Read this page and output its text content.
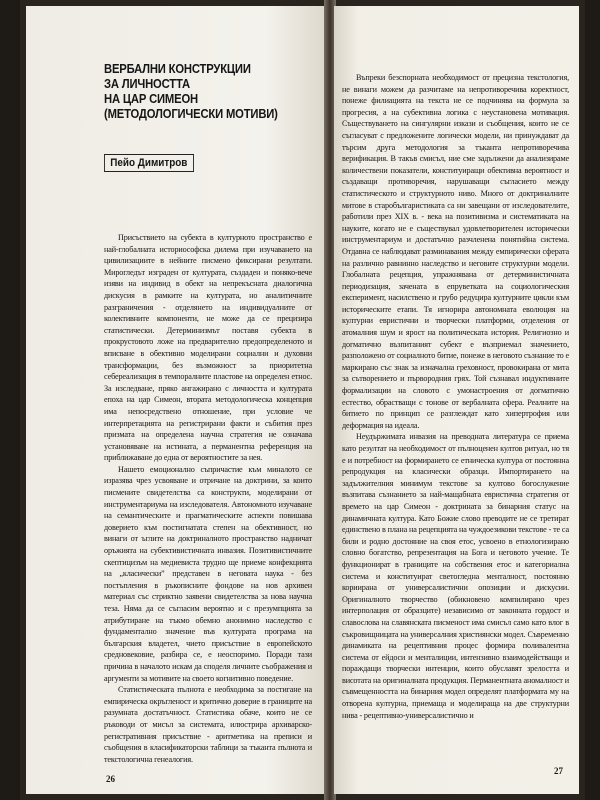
ВЕРБАЛНИ КОНСТРУКЦИИ
ЗА ЛИЧНОСТТА
НА ЦАР СИМЕОН
(МЕТОДОЛОГИЧЕСКИ МОТИВИ)
Пейо Димитров

Присъствието на субекта в културното пространство е най-глобалната историософска дилема при изучаването на цивилизациите в нейните писмено фиксирани резултати. Мирогледът изграден от културата, създаден и поняко-вече изяви на индивид в обект на непрекъсната диалогична дискусия в рамките на културата, но аналитичните разграничения - отделянето на индивидуалните от колективните компоненти, не може да се прецизира статистически. Детерминизмът поставя субекта в прокрустовото ложе на предварително предопределеното и вписване в обективно моделирани социални и духовни трансформации, без възможност за приоритетна себереализация в темпоралните пластове на определен етнос. За изследване, пряко ангажирано с личността и културата епоха на цар Симеон, втората методологическа концепция има непосредствено отношение, при условие че интерпретацията на регистрирани факти и събития през призмата на определена научна стратегия не означава установяване на истината, а перманентна референция на приближаване до една от вероятностите за нея.

Нашето емоционално съпричастие към миналото се изразява чрез усвояване и отричане на доктрини, за които писмените свидетелства са конструкти, моделирани от инструментариума на изследователя. Автономното изучаване на семантическите и прагматическите аспекти повишава доверието към постигнатата степен на обективност, но винаги от ъглите на доктриналното пространство надничат оръжията на субективистичната инвазия. Позитивистичните скептицизъм на медиевиста трудно ще приеме конфекцията на „класически” представен в неговата наука - без постъпления в ръкописните фондове на нов архивен материал със стриктно заявени свидетелства за нова научна теза. Няма да се съгласим вероятно и с презумпцията за атрибутиране на тъкмо обемно анонимно наследство с фундаментално значение във културата програма на българския владетел, чието присъствие в европейското средновековие, разбира се, е неоспоримо. Поради тази причина в началото искам да споделя личните съображения и аргументи за мотивите на своето когнитивно поведение.

Статистическата пълнота е необходима за постигане на емпирическа окръгленост и критично доверие в границите на разумната достатъчност. Статистика обаче, които не се ръководи от мисъл за системата, илюстрира архиварско-регистративния присъствие - аритметика на преписи и съобщения в класификаторски таблици за тъканта пълнота и текстологична генеалогия.

26

Въпреки безспорната необходимост от прецизна текстология, не винаги можем да разчитаме на непротиворечива коректност, понеже филиацията на текста не се подчинява на формула за прогресия, а на субективна логика с неустановена мотивация. Съществуването на сингулярни изкази и съобщения, които не се съгласуват с предложените логически модели, ни принуждават да търсим друга методология за тъканта непротиворечива верификация. В такъв смисъл, ние сме задължени да анализираме количествени показатели, конституиращи обективна вероятност и създаващи противоречия, нарушаващи съгласието между статистическото и структурното ниво. Много от доктриналните митове в старобългаристиката са ни завещани от изследователите, работили през XIX в. - века на позитивизма и систематиката на науките, когато не е съществувал удовлетворителен исторически инструментариум и достатъчно разчленена понятийна система. Отдавна се наблюдават разминавания между емпирически сферата на различно равнинно наследство и неговите структурни модели. Глобалната рецепция, упражнявана от детерминистичната периодизация, зачената в епруветката на социологическия експеримент, насилствено и грубо редуцира културните цикли към историческите етапи. Тя игнорира автономната еволюция на културни евристични и творчески платформи, отделения от атомалния шум и ярост на политическата история. Религиозно и догматично възпитаният субект е възприемал значението, разположено от социалното битие, понеже в неговото съзнание то е маркирано със знак за изначална греховност, провокирана от мита за сътворението и първородния грях. Той съзнавал индуктивните формализации на словото с умонастроения от догматично естество, обрастващи с тонове от вербалната сфера. Реалните на битието по принцип се разглеждат като хипертрофия или деформация на идеала.

Неудържимата инвазия на преводната литература се приема като резултат на необходимост от пълноценен култов ритуал, но тя е и потребност на формирането се етническа култура от постоянна репродукция на класически образци. Импортирането на задължителния минимум текстове за култово богослужение възпитава съзнанието за най-мащабната евристична стратегия от времето на цар Симеон - доктрината за бинарния статус на динамичната култура. Като Божие слово преводите не се третират единствено в плана на рецепцията на чуждоезикови текстове - те са били и родно достояние на своя етос, усвоено в етнологизирано словно богатство, репрезентация на Бога и неговото учение. Те функционират в границите на собствения етос и категориална система и конституират светогледна менталност, постоянно кориирана от универсалистични опозиции и дискусии. Оригиналното творчество (обикновено компилирано чрез интерполация от образците) независимо от законната гордост и славослова на славянската писменост има смисъл само като влог в съкровищницата на универсалния християнски модел. Съвременно динамиката на рецептивния процес формира поливалентна система от ейдоси и менталиции, интензивно взаимодействащи и пораждащи творчески интенции, които обуславят зрелостта и висотата на оригиналната продукция. Перманентната аномалност и съвмещенността на бинарния модел определят платформата му на отворена културна, приемаща и моделираща на две структурни нива - рецептивно-универсалистично и

27
